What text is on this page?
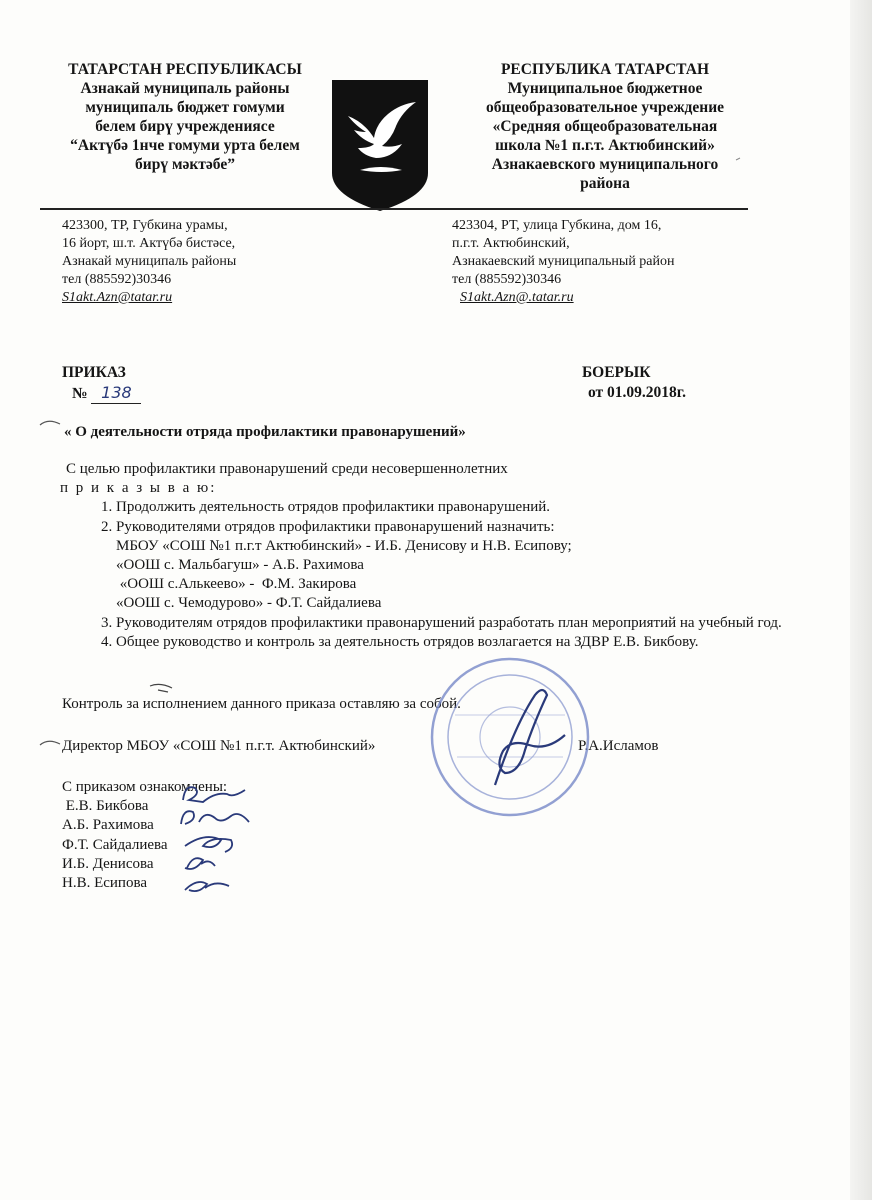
ТАТАРСТАН РЕСПУБЛИКАСЫ
Азнакай муниципаль районы
муниципаль бюджет гомуми
белем бирү учреждениясе
“Актүбә 1нче гомуми урта белем
бирү мәктәбе”
РЕСПУБЛИКА ТАТАРСТАН
Муниципальное бюджетное
общеобразовательное учреждение
«Средняя общеобразовательная
школа №1 п.г.т. Актюбинский»
Азнакаевского муниципального
района
423300, ТР, Губкина урамы,
16 йорт, ш.т. Актүбә бистәсе,
Азнакай муниципаль районы
тел (885592)30346
S1akt.Azn@tatar.ru
423304, РТ, улица Губкина, дом 16,
п.г.т. Актюбинский,
Азнакаевский муниципальный район
тел (885592)30346
S1akt.Azn@.tatar.ru
ПРИКАЗ
№ 138
БОЕРЫК
от 01.09.2018г.
« О деятельности отряда профилактики правонарушений»
С целью профилактики правонарушений среди несовершеннолетних
п р и к а з ы в а ю:
1. Продолжить деятельность отрядов профилактики правонарушений.
2. Руководителями отрядов профилактики правонарушений назначить:
МБОУ «СОШ №1 п.г.т Актюбинский» - И.Б. Денисову и Н.В. Есипову;
«ООШ с. Мальбагуш» - А.Б. Рахимова
«ООШ с.Алькеево» -  Ф.М. Закирова
«ООШ с. Чемодурово» - Ф.Т. Сайдалиева
3. Руководителям отрядов профилактики правонарушений разработать план мероприятий на учебный год.
4. Общее руководство и контроль за деятельность отрядов возлагается на ЗДВР Е.В. Бикбову.
Контроль за исполнением данного приказа оставляю за собой.
Директор МБОУ «СОШ №1 п.г.т. Актюбинский»	Р.А.Исламов
С приказом ознакомлены:
Е.В. Бикбова
А.Б. Рахимова
Ф.Т. Сайдалиева
И.Б. Денисова
Н.В. Есипова
